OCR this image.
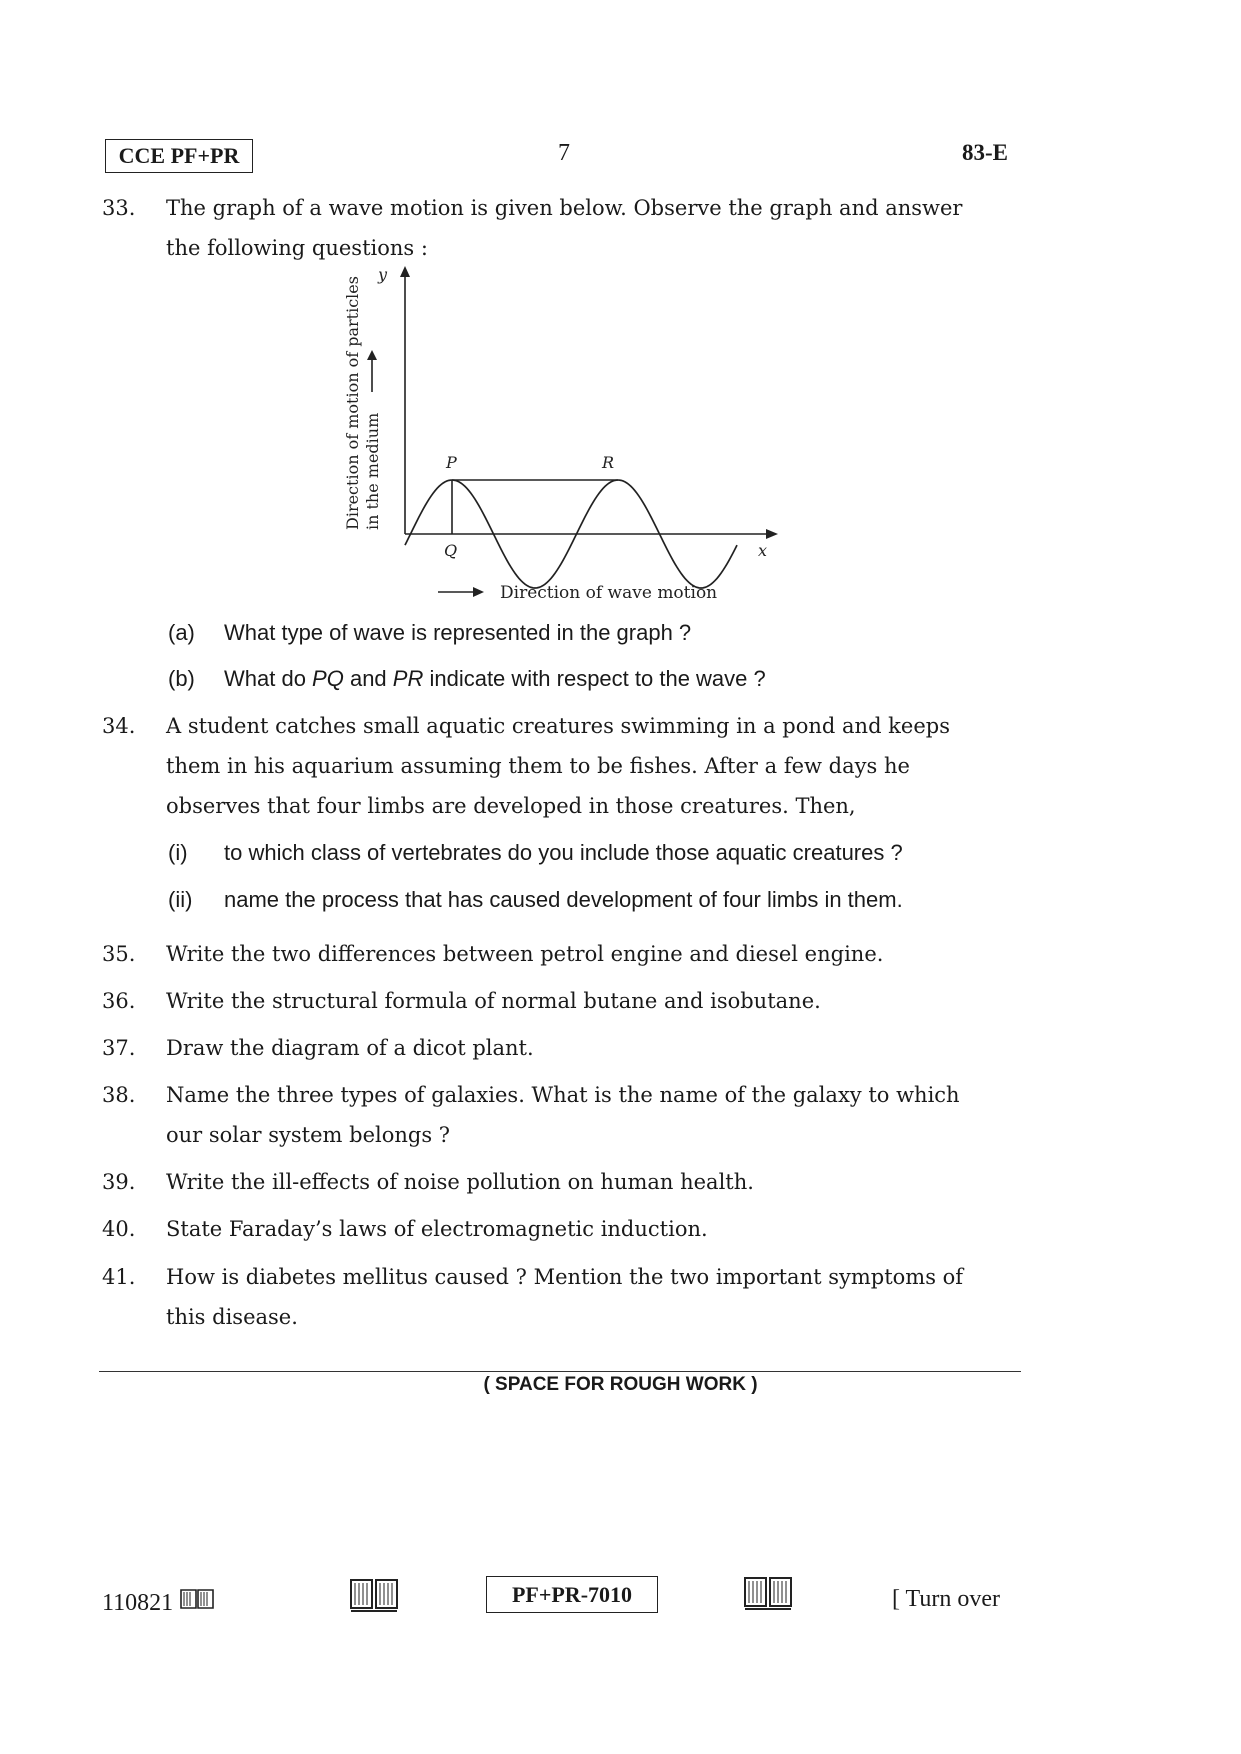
CCE PF+PR	7	83-E
33.	The graph of a wave motion is given below. Observe the graph and answer
the following questions :
Direction of motion of particles in the medium
y
x
P	R
Q
Direction of wave motion
(a) What type of wave is represented in the graph ?
(b) What do PQ and PR indicate with respect to the wave ?
34.	A student catches small aquatic creatures swimming in a pond and keeps
them in his aquarium assuming them to be fishes. After a few days he
observes that four limbs are developed in those creatures. Then,
(i) to which class of vertebrates do you include those aquatic creatures ?
(ii) name the process that has caused development of four limbs in them.
35.	Write the two differences between petrol engine and diesel engine.
36.	Write the structural formula of normal butane and isobutane.
37.	Draw the diagram of a dicot plant.
38.	Name the three types of galaxies. What is the name of the galaxy to which
our solar system belongs ?
39.	Write the ill-effects of noise pollution on human health.
40.	State Faraday’s laws of electromagnetic induction.
41.	How is diabetes mellitus caused ? Mention the two important symptoms of
this disease.
( SPACE FOR ROUGH WORK )
110821	PF+PR-7010	[ Turn over
